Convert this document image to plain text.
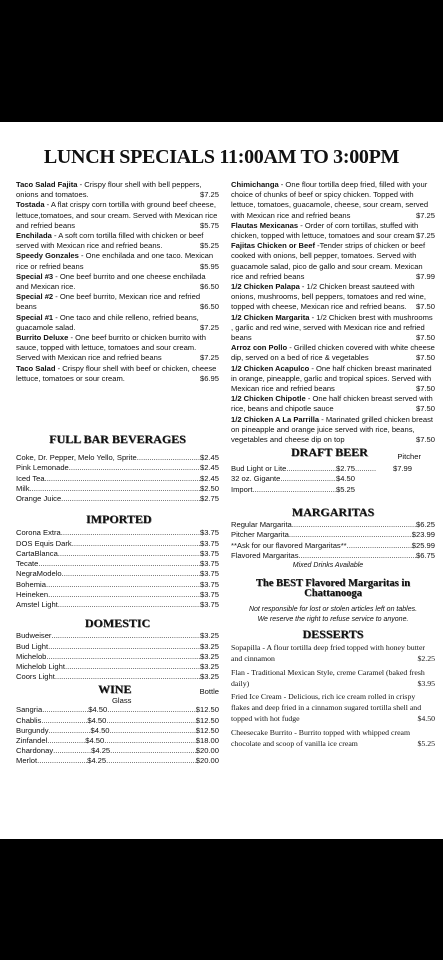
LUNCH SPECIALS 11:00AM TO 3:00PM

Taco Salad Fajita - Crispy flour shell with bell peppers, onions and tomatoes.	$7.25

Tostada - A flat crispy corn tortilla with ground beef cheese, lettuce,tomatoes, and sour cream. Served with Mexican rice and refried beans	$5.75

Enchilada - A soft corn tortilla filled with chicken or beef served with Mexican rice and refried beans.	$5.25

Speedy Gonzales - One enchilada and one taco. Mexican rice or refried beans	$5.95

Special #3 - One beef burrito and one cheese enchilada and Mexican rice.	$6.50

Special #2 - One beef burrito, Mexican rice and refried beans	$6.50

Special #1 - One taco and chile relleno, refried beans, guacamole salad.	$7.25

Burrito Deluxe - One beef burrito or chicken burrito with sauce, topped with lettuce, tomatoes and sour cream. Served with Mexican rice and refried beans	$7.25

Taco Salad - Crispy flour shell with beef or chicken, cheese lettuce, tomatoes or sour cream.	$6.95

FULL BAR BEVERAGES

Coke, Dr. Pepper, Melo Yello, Sprite .....	$2.45
Pink Lemonade .....	$2.45
Iced Tea .....	$2.45
Milk .....	$2.50
Orange Juice .....	$2.75

IMPORTED

Corona Extra .....	$3.75
DOS Equis Dark .....	$3.75
CartaBlanca .....	$3.75
Tecate .....	$3.75
NegraModelo .....	$3.75
Bohemia .....	$3.75
Heineken .....	$3.75
Amstel Light .....	$3.75

DOMESTIC

Budweiser .....	$3.25
Bud Light .....	$3.25
Michelob .....	$3.25
Michelob Light .....	$3.25
Coors Light .....	$3.25
WINE	Bottle
Glass
Sangria .....	$4.50 .....	$12.50
Chablis .....	$4.50 .....	$12.50
Burgundy .....	$4.50 .....	$12.50
Zinfandel .....	$4.50 .....	$18.00
Chardonay .....	$4.25 .....	$20.00
Merlot .....	$4.25 .....	$20.00

Chimichanga - One flour tortilla deep fried, filled with your choice of chunks of beef or spicy chicken. Topped with lettuce, tomatoes, guacamole, cheese, sour cream, served with Mexican rice and refried beans	$7.25

Flautas Mexicanas - Order of corn tortillas, stuffed with chicken, topped with lettuce, tomatoes and sour cream $7.25

Fajitas Chicken or Beef -Tender strips of chicken or beef cooked with onions, bell pepper, tomatoes. Served with guacamole salad, pico de gallo and sour cream. Mexican rice and refried beans	$7.99

1/2 Chicken Palapa - 1/2 Chicken breast sauteed with onions, mushrooms, bell peppers, tomatoes and red wine, topped with cheese, Mexican rice and refried beans. $7.50

1/2 Chicken Margarita - 1/2 Chicken brest with mushrooms , garlic and red wine, served with Mexican rice and refried beans	$7.50

Arroz con Pollo - Grilled chicken covered with white cheese dip, served on a bed of rice & vegetables	$7.50

1/2 Chicken Acapulco - One half chicken breast marinated in orange, pineapple, garlic and tropical spices. Served with Mexican rice and refried beans	$7.50

1/2 Chicken Chipotle - One half chicken breast served with rice, beans and chipotle sauce	$7.50

1/2 Chicken A La Parrilla - Marinated grilled chicken breast on pineapple and orange juice served with rice, beans, vegetables and cheese dip on top	$7.50

DRAFT BEER	Pitcher
Bud Light or Lite .....	$2.75 ..........	$7.99
32 oz. Gigante .....	$4.50
Import .....	$5.25

MARGARITAS

Regular Margarita .....	$6.25
Pitcher Margarita .....	$23.99
**Ask for our flavored Margaritas** .....	$25.99
Flavored Margaritas .....	$6.75

Mixed Drinks Available

The BEST Flavored Margaritas in Chattanooga

Not responsible for lost or stolen articles left on tables.

We reserve the right to refuse service to anyone.

DESSERTS

Sopapilla - A flour tortilla deep fried topped with honey butter and cinnamon	$2.25

Flan - Traditional Mexican Style, creme Caramel (baked fresh daily)	$3.95

Fried Ice Cream - Delicious, rich ice cream rolled in crispy flakes and deep fried in a cinnamon sugared tortilla shell and topped with hot fudge	$4.50

Cheesecake Burrito - Burrito topped with whipped cream chocolate and scoop of vanilla ice cream	$5.25
